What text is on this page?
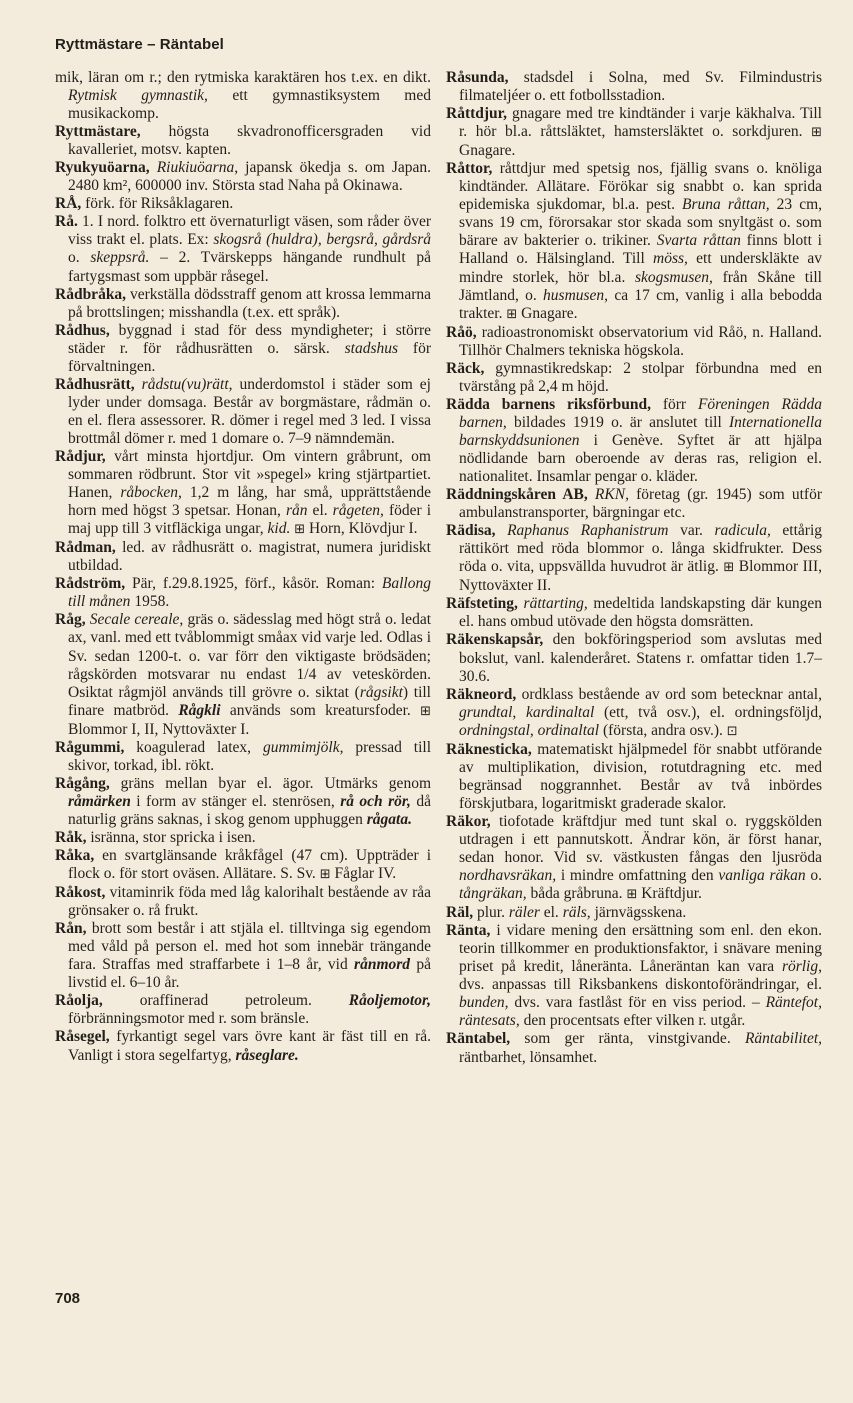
Ryttmästare – Räntabel

mik, läran om r.; den rytmiska karaktären hos t.ex. en dikt. Rytmisk gymnastik, ett gymnastiksystem med musikackomp.

Ryttmästare, högsta skvadronofficersgraden vid kavalleriet, motsv. kapten.

Ryukyuöarna, Riukiuöarna, japansk ökedja s. om Japan. 2480 km², 600000 inv. Största stad Naha på Okinawa.

RÅ, förk. för Riksåklagaren.

Rå. 1. I nord. folktro ett övernaturligt väsen, som råder över viss trakt el. plats. Ex: skogsrå (huldra), bergsrå, gårdsrå o. skeppsrå. – 2. Tvärskepps hängande rundhult på fartygsmast som uppbär råsegel.

Rådbråka, verkställa dödsstraff genom att krossa lemmarna på brottslingen; misshandla (t.ex. ett språk).

Rådhus, byggnad i stad för dess myndigheter; i större städer r. för rådhusrätten o. särsk. stadshus för förvaltningen.

Rådhusrätt, rådstu(vu)rätt, underdomstol i städer som ej lyder under domsaga. Består av borgmästare, rådmän o. en el. flera assessorer. R. dömer i regel med 3 led. I vissa brottmål dömer r. med 1 domare o. 7–9 nämndemän.

Rådjur, vårt minsta hjortdjur. Om vintern gråbrunt, om sommaren rödbrunt. Stor vit »spegel» kring stjärtpartiet. Hanen, råbocken, 1,2 m lång, har små, upprättstående horn med högst 3 spetsar. Honan, rån el. rågeten, föder i maj upp till 3 vitfläckiga ungar, kid. ⊞ Horn, Klövdjur I.

Rådman, led. av rådhusrätt o. magistrat, numera juridiskt utbildad.

Rådström, Pär, f.29.8.1925, förf., kåsör. Roman: Ballong till månen 1958.

Råg, Secale cereale, gräs o. sädesslag med högt strå o. ledat ax, vanl. med ett tvåblommigt småax vid varje led. Odlas i Sv. sedan 1200-t. o. var förr den viktigaste brödsäden; rågskörden motsvarar nu endast 1/4 av veteskörden. Osiktat rågmjöl används till grövre o. siktat (rågsikt) till finare matbröd. Rågkli används som kreatursfoder. ⊞ Blommor I, II, Nyttoväxter I.

Rågummi, koagulerad latex, gummimjölk, pressad till skivor, torkad, ibl. rökt.

Rågång, gräns mellan byar el. ägor. Utmärks genom råmärken i form av stänger el. stenrösen, rå och rör, då naturlig gräns saknas, i skog genom upphuggen rågata.

Råk, isränna, stor spricka i isen.

Råka, en svartglänsande kråkfågel (47 cm). Uppträder i flock o. för stort oväsen. Allätare. S. Sv. ⊞ Fåglar IV.

Råkost, vitaminrik föda med låg kalorihalt bestående av råa grönsaker o. rå frukt.

Rån, brott som består i att stjäla el. tilltvinga sig egendom med våld på person el. med hot som innebär trängande fara. Straffas med straffarbete i 1–8 år, vid rånmord på livstid el. 6–10 år.

Råolja, oraffinerad petroleum. Råoljemotor, förbränningsmotor med r. som bränsle.

Råsegel, fyrkantigt segel vars övre kant är fäst till en rå. Vanligt i stora segelfartyg, råseglare.

Råsunda, stadsdel i Solna, med Sv. Filmindustris filmateljéer o. ett fotbollsstadion.

Råttdjur, gnagare med tre kindtänder i varje käkhalva. Till r. hör bl.a. råttsläktet, hamstersläktet o. sorkdjuren. ⊞ Gnagare.

Råttor, råttdjur med spetsig nos, fjällig svans o. knöliga kindtänder. Allätare. Förökar sig snabbt o. kan sprida epidemiska sjukdomar, bl.a. pest. Bruna råttan, 23 cm, svans 19 cm, förorsakar stor skada som snyltgäst o. som bärare av bakterier o. trikiner. Svarta råttan finns blott i Halland o. Hälsingland. Till möss, ett underskläkte av mindre storlek, hör bl.a. skogsmusen, från Skåne till Jämtland, o. husmusen, ca 17 cm, vanlig i alla bebodda trakter. ⊞ Gnagare.

Råö, radioastronomiskt observatorium vid Råö, n. Halland. Tillhör Chalmers tekniska högskola.

Räck, gymnastikredskap: 2 stolpar förbundna med en tvärstång på 2,4 m höjd.

Rädda barnens riksförbund, förr Föreningen Rädda barnen, bildades 1919 o. är anslutet till Internationella barnskyddsunionen i Genève. Syftet är att hjälpa nödlidande barn oberoende av deras ras, religion el. nationalitet. Insamlar pengar o. kläder.

Räddningskåren AB, RKN, företag (gr. 1945) som utför ambulanstransporter, bärgningar etc.

Rädisa, Raphanus Raphanistrum var. radicula, ettårig rättikört med röda blommor o. långa skidfrukter. Dess röda o. vita, uppsvällda huvudrot är ätlig. ⊞ Blommor III, Nyttoväxter II.

Räfsteting, rättarting, medeltida landskapsting där kungen el. hans ombud utövade den högsta domsrätten.

Räkenskapsår, den bokföringsperiod som avslutas med bokslut, vanl. kalenderåret. Statens r. omfattar tiden 1.7–30.6.

Räkneord, ordklass bestående av ord som betecknar antal, grundtal, kardinaltal (ett, två osv.), el. ordningsföljd, ordningstal, ordinaltal (första, andra osv.). ⊡

Räknesticka, matematiskt hjälpmedel för snabbt utförande av multiplikation, division, rotutdragning etc. med begränsad noggrannhet. Består av två inbördes förskjutbara, logaritmiskt graderade skalor.

Räkor, tiofotade kräftdjur med tunt skal o. ryggskölden utdragen i ett pannutskott. Ändrar kön, är först hanar, sedan honor. Vid sv. västkusten fångas den ljusröda nordhavsräkan, i mindre omfattning den vanliga räkan o. tångräkan, båda gråbruna. ⊞ Kräftdjur.

Räl, plur. räler el. räls, järnvägsskena.

Ränta, i vidare mening den ersättning som enl. den ekon. teorin tillkommer en produktionsfaktor, i snävare mening priset på kredit, låneränta. Låneräntan kan vara rörlig, dvs. anpassas till Riksbankens diskontoförändringar, el. bunden, dvs. vara fastlåst för en viss period. – Räntefot, räntesats, den procentsats efter vilken r. utgår.

Räntabel, som ger ränta, vinstgivande. Räntabilitet, räntbarhet, lönsamhet.

708
